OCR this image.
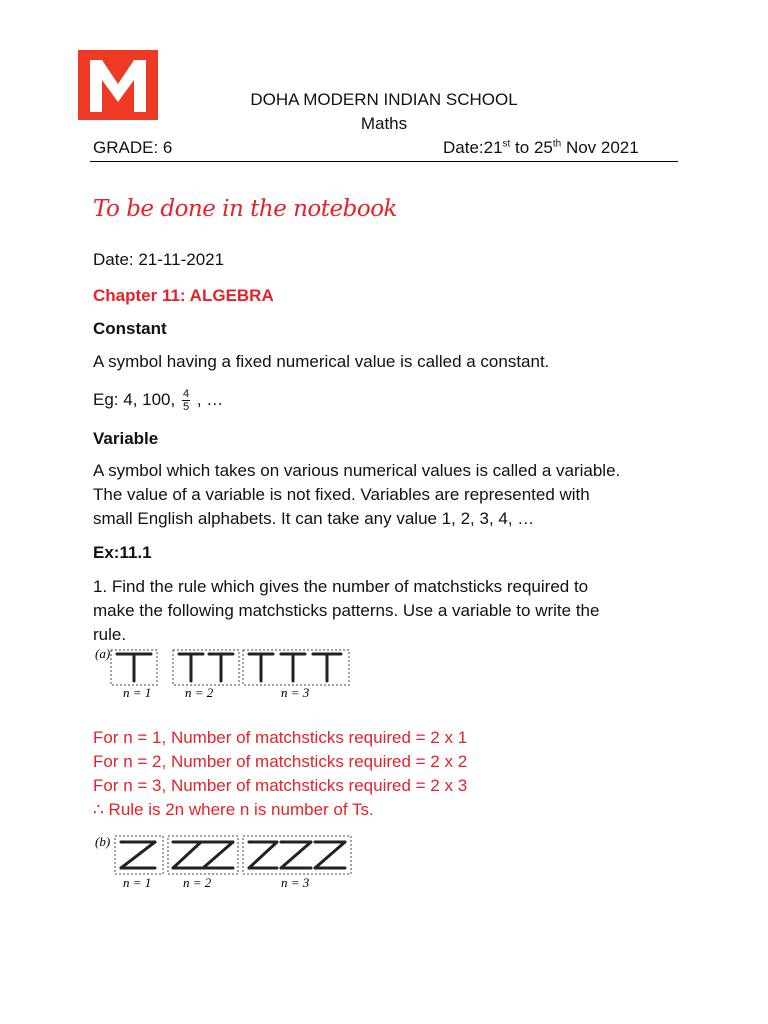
DOHA MODERN INDIAN SCHOOL
Maths
GRADE: 6	Date:21st to 25th Nov 2021
To be done in the notebook
Date: 21-11-2021
Chapter 11: ALGEBRA
Constant
A symbol having a fixed numerical value is called a constant.
Eg: 4, 100, $\frac{4}{5}$ , …
Variable
A symbol which takes on various numerical values is called a variable.
The value of a variable is not fixed. Variables are represented with
small English alphabets. It can take any value 1, 2, 3, 4, …
Ex:11.1
1. Find the rule which gives the number of matchsticks required to
make the following matchsticks patterns. Use a variable to write the
rule.
(a)
n = 1	n = 2	n = 3
For n = 1, Number of matchsticks required = 2 x 1
For n = 2, Number of matchsticks required = 2 x 2
For n = 3, Number of matchsticks required = 2 x 3
∴ Rule is 2n where n is number of Ts.
(b)
n = 1 n = 2	n = 3
